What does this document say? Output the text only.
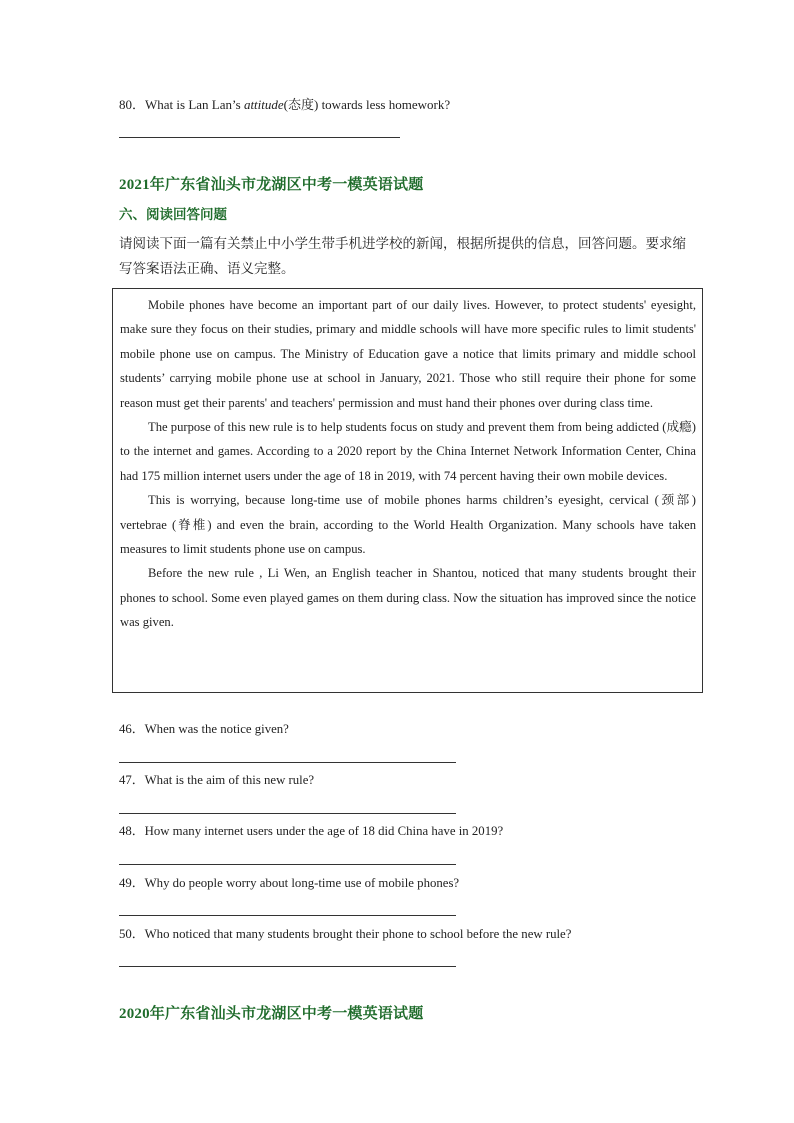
80．What is Lan Lan’s attitude(态度) towards less homework?
2021年广东省汕头市龙湖区中考一模英语试题
六、阅读回答问题
请阅读下面一篇有关禁止中小学生带手机进学校的新闻，根据所提供的信息，回答问题。要求缩写答案语法正确、语义完整。

Mobile phones have become an important part of our daily lives. However, to protect students' eyesight, make sure they focus on their studies, primary and middle schools will have more specific rules to limit students' mobile phone use on campus. The Ministry of Education gave a notice that limits primary and middle school students’ carrying mobile phone use at school in January, 2021. Those who still require their phone for some reason must get their parents' and teachers' permission and must hand their phones over during class time.

The purpose of this new rule is to help students focus on study and prevent them from being addicted (成瘾) to the internet and games. According to a 2020 report by the China Internet Network Information Center, China had 175 million internet users under the age of 18 in 2019, with 74 percent having their own mobile devices.

This is worrying, because long-time use of mobile phones harms children’s eyesight, cervical (颈部) vertebrae (脊椎) and even the brain, according to the World Health Organization. Many schools have taken measures to limit students phone use on campus.

Before the new rule , Li Wen, an English teacher in Shantou, noticed that many students brought their phones to school. Some even played games on them during class. Now the situation has improved since the notice was given.

46．When was the notice given?
47．What is the aim of this new rule?
48．How many internet users under the age of 18 did China have in 2019?
49．Why do people worry about long-time use of mobile phones?
50．Who noticed that many students brought their phone to school before the new rule?
2020年广东省汕头市龙湖区中考一模英语试题
